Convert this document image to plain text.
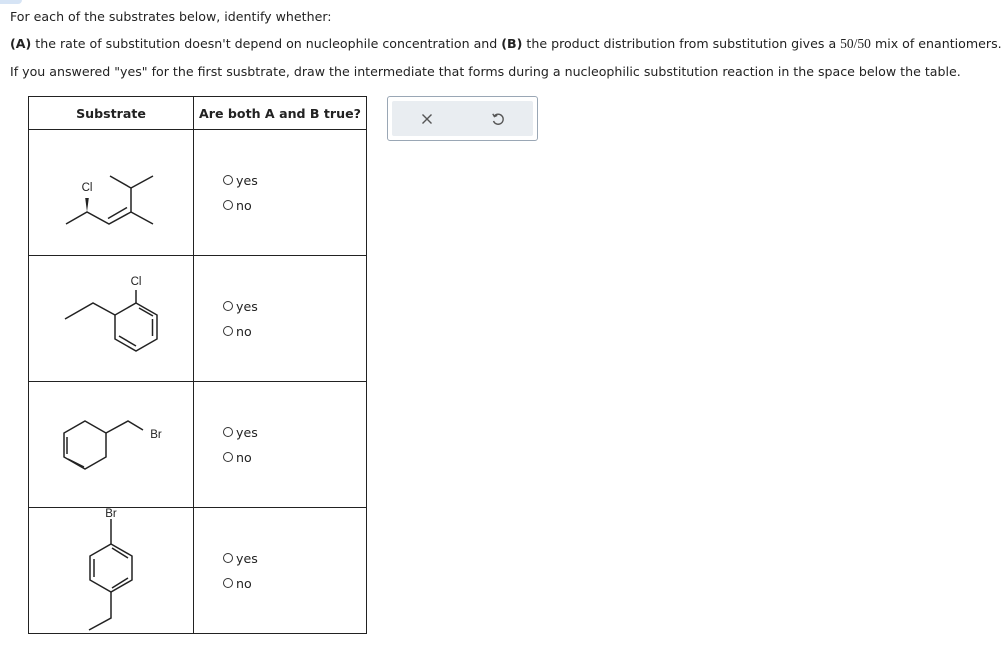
For each of the substrates below, identify whether:
(A) the rate of substitution doesn't depend on nucleophile concentration and (B) the product distribution from substitution gives a 50/50 mix of enantiomers.
If you answered "yes" for the first susbtrate, draw the intermediate that forms during a nucleophilic substitution reaction in the space below the table.
Substrate	Are both A and B true?

Cl	yes
no

Cl	yes
no

Br	yes
no

Br	yes
no
